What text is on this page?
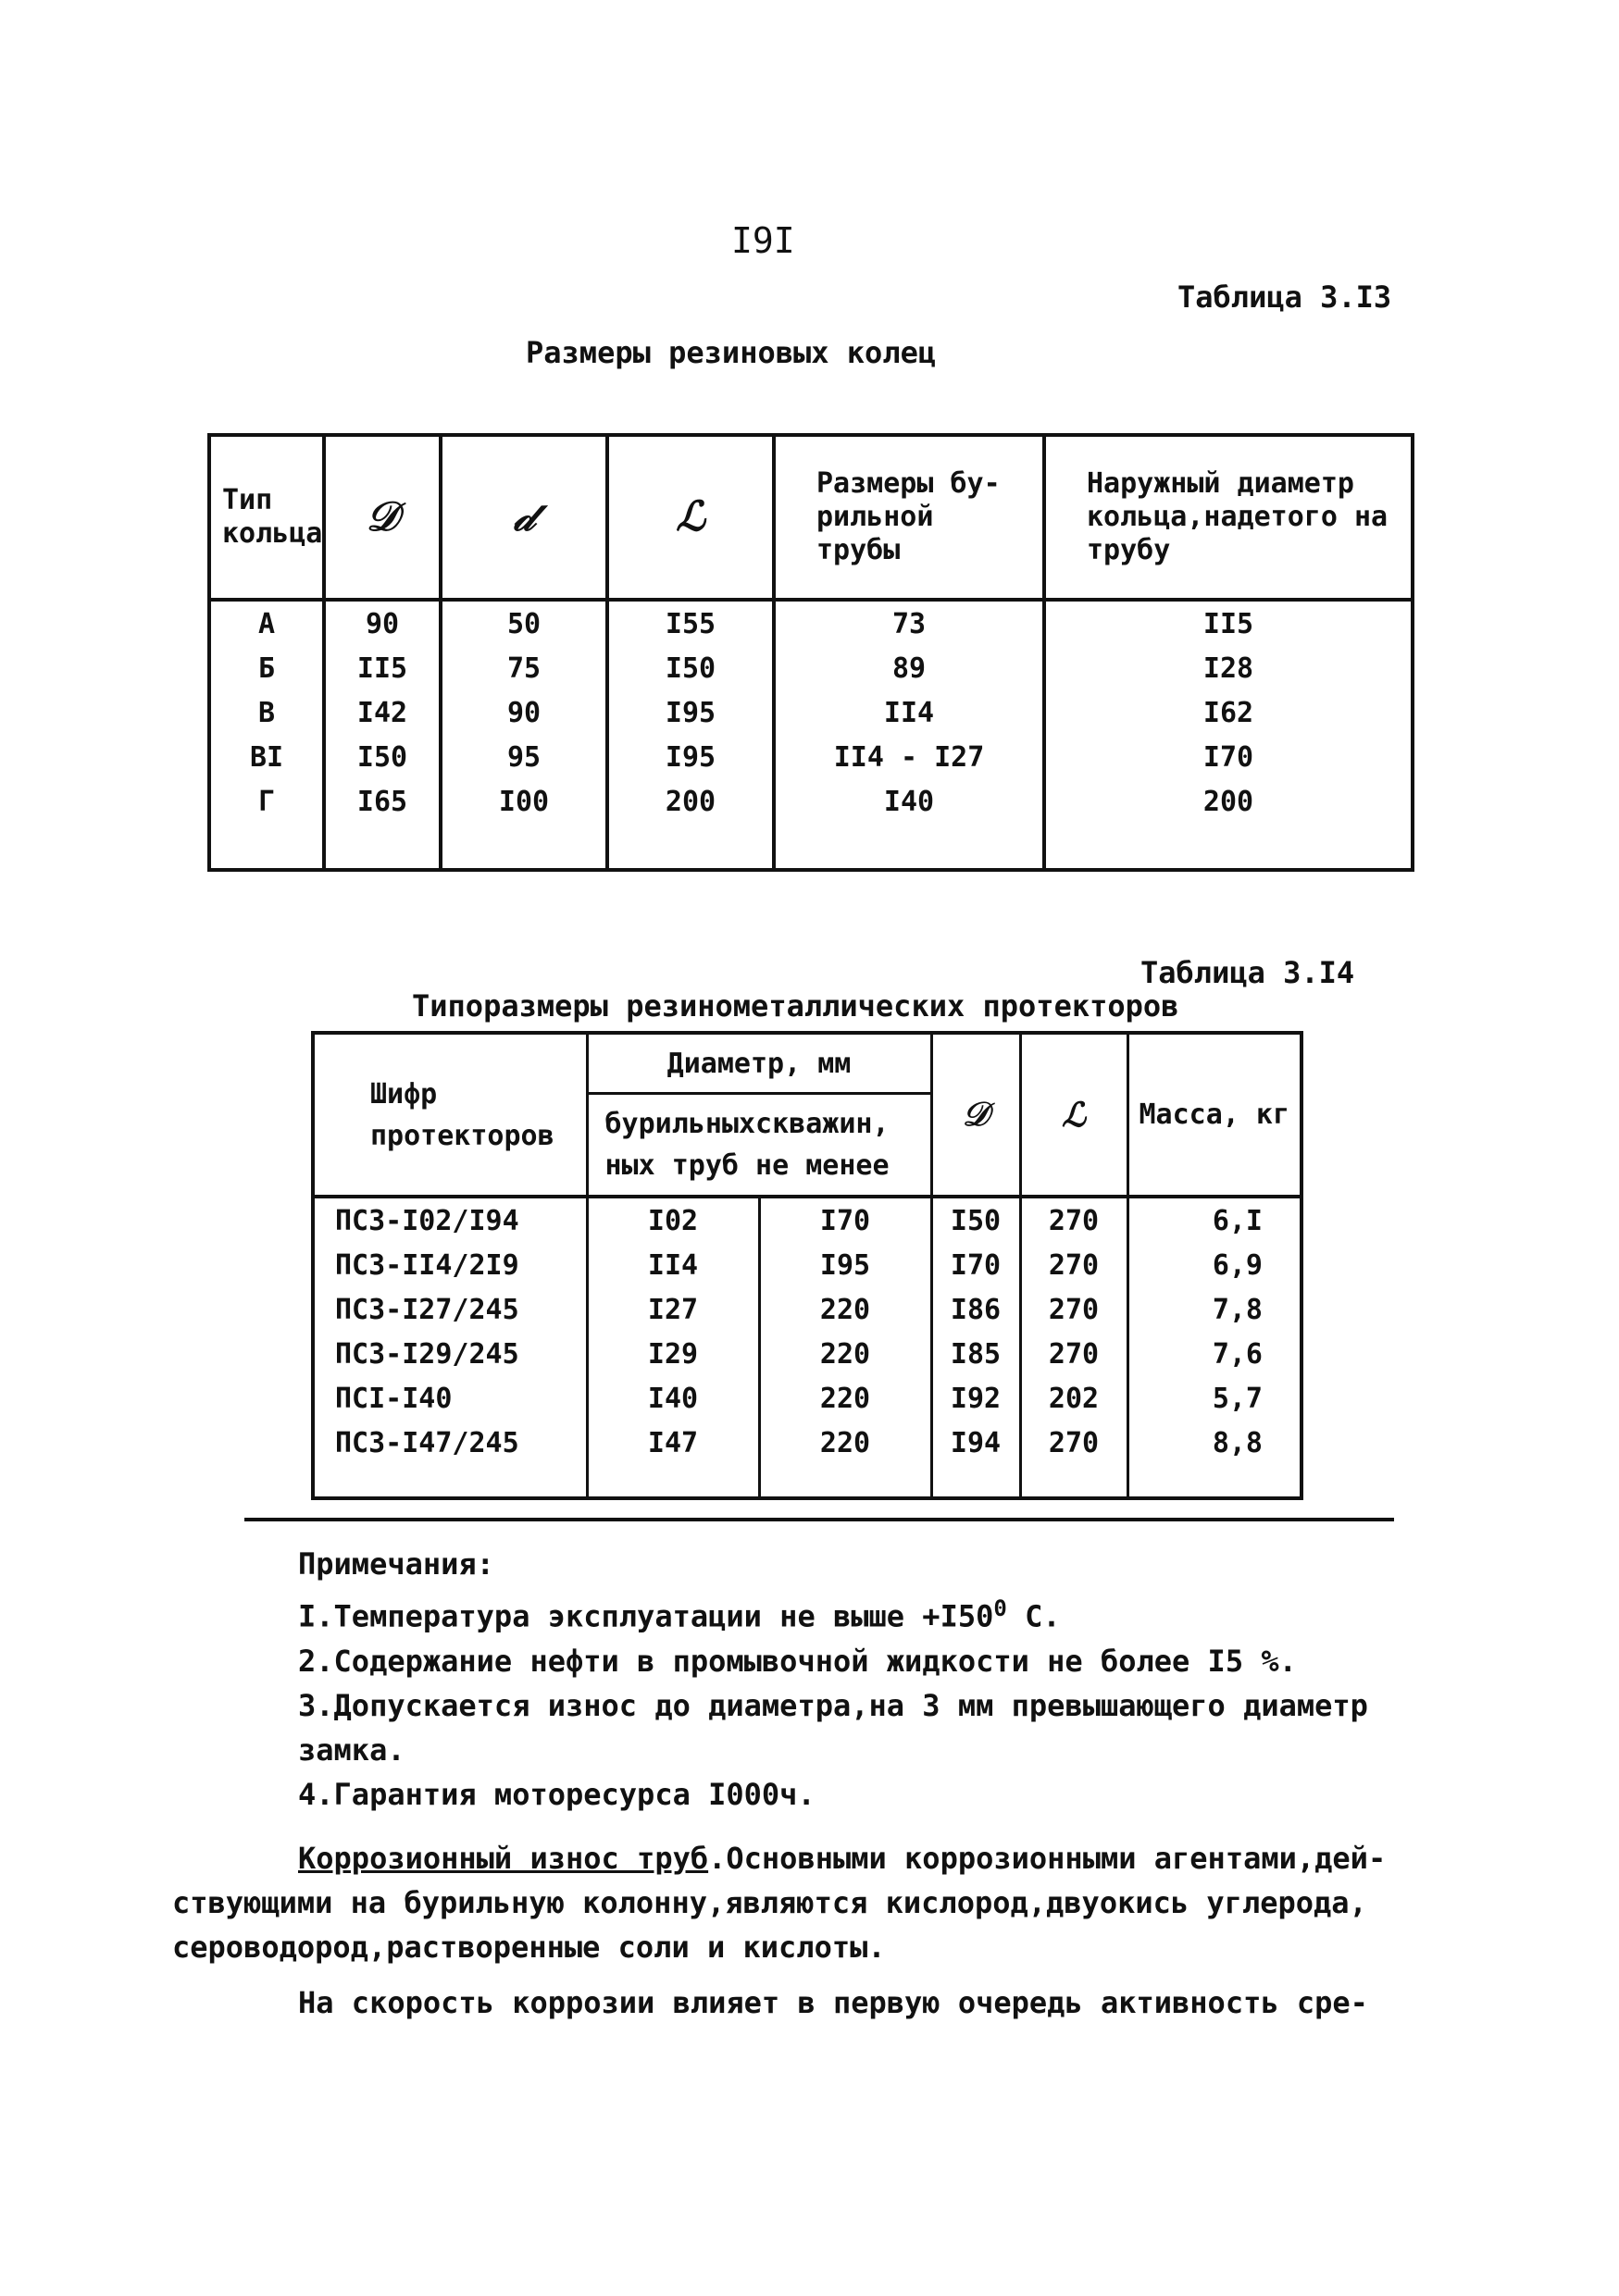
I9I
Таблица 3.I3
Размеры резиновых колец
Тип кольца	𝒟	𝒹	ℒ	Размеры бу- рильной трубы	Наружный диаметр кольца,надетого на трубу
А	90	50	I55	73	II5
Б	II5	75	I50	89	I28
В	I42	90	I95	II4	I62
ВI	I50	95	I95	II4 - I27	I70
Г	I65	I00	200	I40	200

Таблица 3.I4
Типоразмеры резинометаллических протекторов
Шифр протекторов	Диаметр, мм		𝒟	ℒ	Масса, кг
	бурильныхскважин, ных труб не менее				
ПСЗ-I02/I94	I02	I70	I50	270	6,I
ПСЗ-II4/2I9	II4	I95	I70	270	6,9
ПСЗ-I27/245	I27	220	I86	270	7,8
ПСЗ-I29/245	I29	220	I85	270	7,6
ПСI-I40	I40	220	I92	202	5,7
ПСЗ-I47/245	I47	220	I94	270	8,8

Примечания:
I.Температура эксплуатации не выше $+I50^0$ С.
2.Содержание нефти в промывочной жидкости не более I5 %.
3.Допускается износ до диаметра,на 3 мм превышающего диаметр
замка.
4.Гарантия моторесурса I000ч.

Коррозионный износ труб.Основными коррозионными агентами,дей-

ствующими на бурильную колонну,являются кислород,двуокись углерода,

сероводород,растворенные соли и кислоты.

На скорость коррозии влияет в первую очередь активность сре-
